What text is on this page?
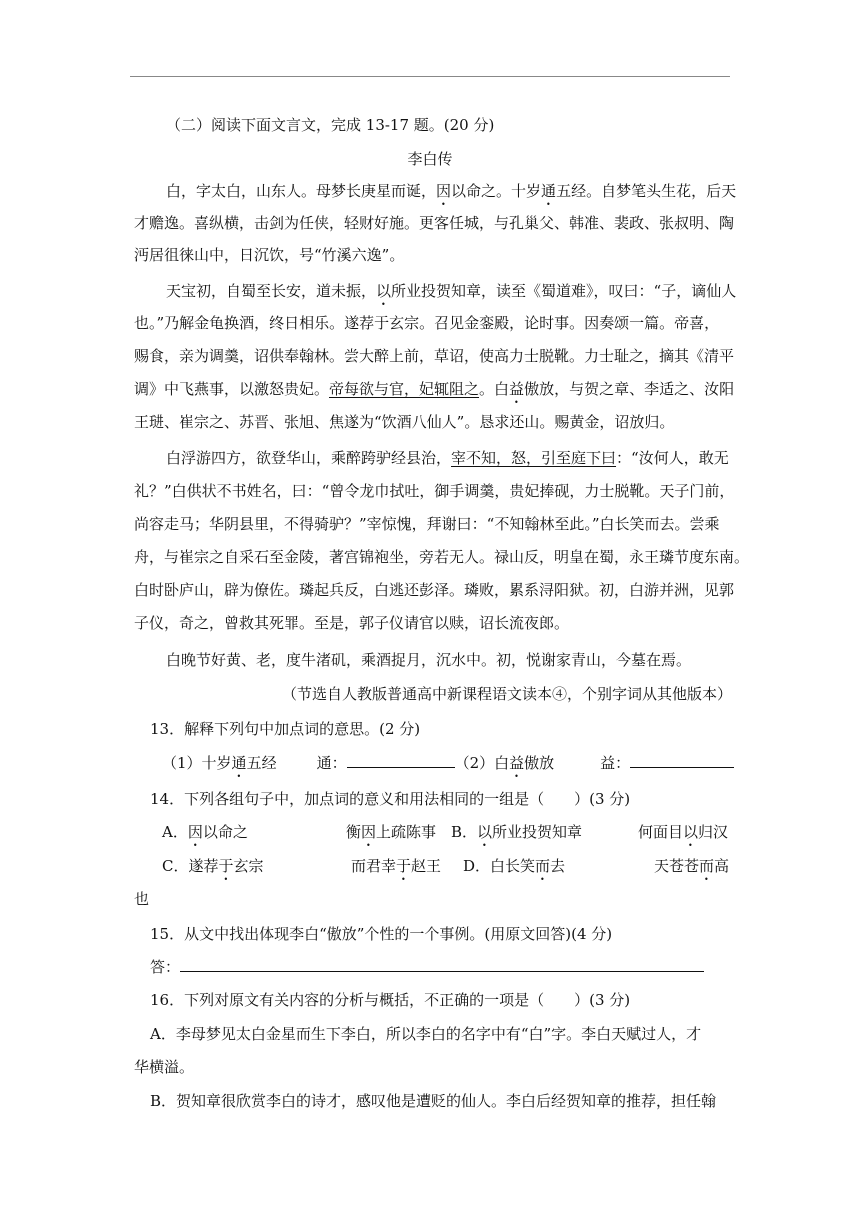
（二）阅读下面文言文，完成 13-17 题。(20 分)
李白传
白，字太白，山东人。母梦长庚星而诞，因以命之。十岁通五经。自梦笔头生花，后天
才赡逸。喜纵横，击剑为任侠，轻财好施。更客任城，与孔巢父、韩准、裴政、张叔明、陶
沔居徂徕山中，日沉饮，号“竹溪六逸”。
天宝初，自蜀至长安，道未振，以所业投贺知章，读至《蜀道难》，叹曰：“子，谪仙人
也。”乃解金龟换酒，终日相乐。遂荐于玄宗。召见金銮殿，论时事。因奏颂一篇。帝喜，
赐食，亲为调羹，诏供奉翰林。尝大醉上前，草诏，使高力士脱靴。力士耻之，摘其《清平
调》中飞燕事，以激怒贵妃。帝每欲与官，妃辄阻之。白益傲放，与贺之章、李适之、汝阳
王琎、崔宗之、苏晋、张旭、焦遂为“饮酒八仙人”。恳求还山。赐黄金，诏放归。
白浮游四方，欲登华山，乘醉跨驴经县治，宰不知，怒，引至庭下曰：“汝何人，敢无
礼？”白供状不书姓名，曰：“曾令龙巾拭吐，御手调羹，贵妃捧砚，力士脱靴。天子门前，
尚容走马；华阴县里，不得骑驴？”宰惊愧，拜谢曰：“不知翰林至此。”白长笑而去。尝乘
舟，与崔宗之自采石至金陵，著宫锦袍坐，旁若无人。禄山反，明皇在蜀，永王璘节度东南。
白时卧庐山，辟为僚佐。璘起兵反，白逃还彭泽。璘败，累系浔阳狱。初，白游并洲，见郭
子仪，奇之，曾救其死罪。至是，郭子仪请官以赎，诏长流夜郎。
白晚节好黄、老，度牛渚矶，乘酒捉月，沉水中。初，悦谢家青山，今墓在焉。
（节选自人教版普通高中新课程语文读本④，个别字词从其他版本）
13．解释下列句中加点词的意思。(2 分)
（1）十岁通五经	通：	（2）白益傲放	益：
14．下列各组句子中，加点词的意义和用法相同的一组是（　　）(3 分)
A．因以命之	衡因上疏陈事 B．以所业投贺知章	何面目以归汉
C．遂荐于玄宗	而君幸于赵王 D．白长笑而去	天苍苍而高
也
15．从文中找出体现李白“傲放”个性的一个事例。(用原文回答)(4 分)
答：
16．下列对原文有关内容的分析与概括，不正确的一项是（　　）(3 分)
A．李母梦见太白金星而生下李白，所以李白的名字中有“白”字。李白天赋过人，才
华横溢。
B．贺知章很欣赏李白的诗才，感叹他是遭贬的仙人。李白后经贺知章的推荐，担任翰
